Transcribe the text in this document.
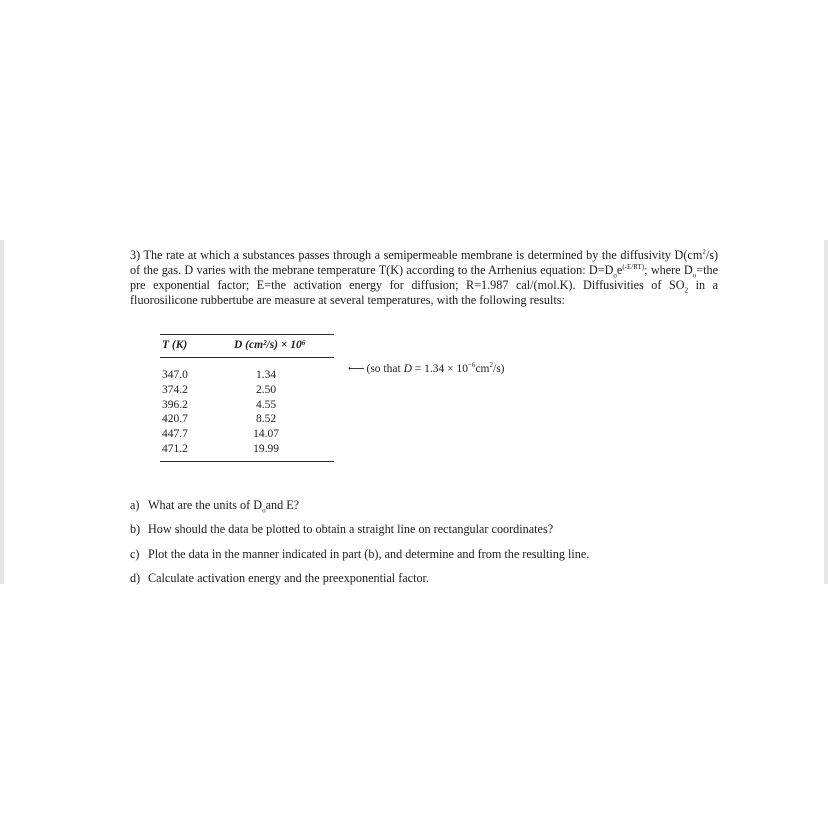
3) The rate at which a substances passes through a semipermeable membrane is determined by the diffusivity $D(cm^2/s)$ of the gas. D varies with the mebrane temperature T(K) according to the Arrhenius equation: $D=D_oe^{(-E/RT)}$; where $D_o=the$ pre exponential factor; E=the activation energy for diffusion; R=1.987 cal/(mol.K). Diffusivities of $SO_2$ in a fluorosilicone rubbertube are measure at several temperatures, with the following results:

T (K)	D (cm²/s) × 10⁶
347.0	1.34
374.2	2.50
396.2	4.55
420.7	8.52
447.7	14.07
471.2	19.99
⟵ (so that $D = 1.34 \times 10^{-6}cm^2/s$)
a) What are the units of $D_oand$ E?
b) How should the data be plotted to obtain a straight line on rectangular coordinates?
c) Plot the data in the manner indicated in part (b), and determine and from the resulting line.
d) Calculate activation energy and the preexponential factor.
